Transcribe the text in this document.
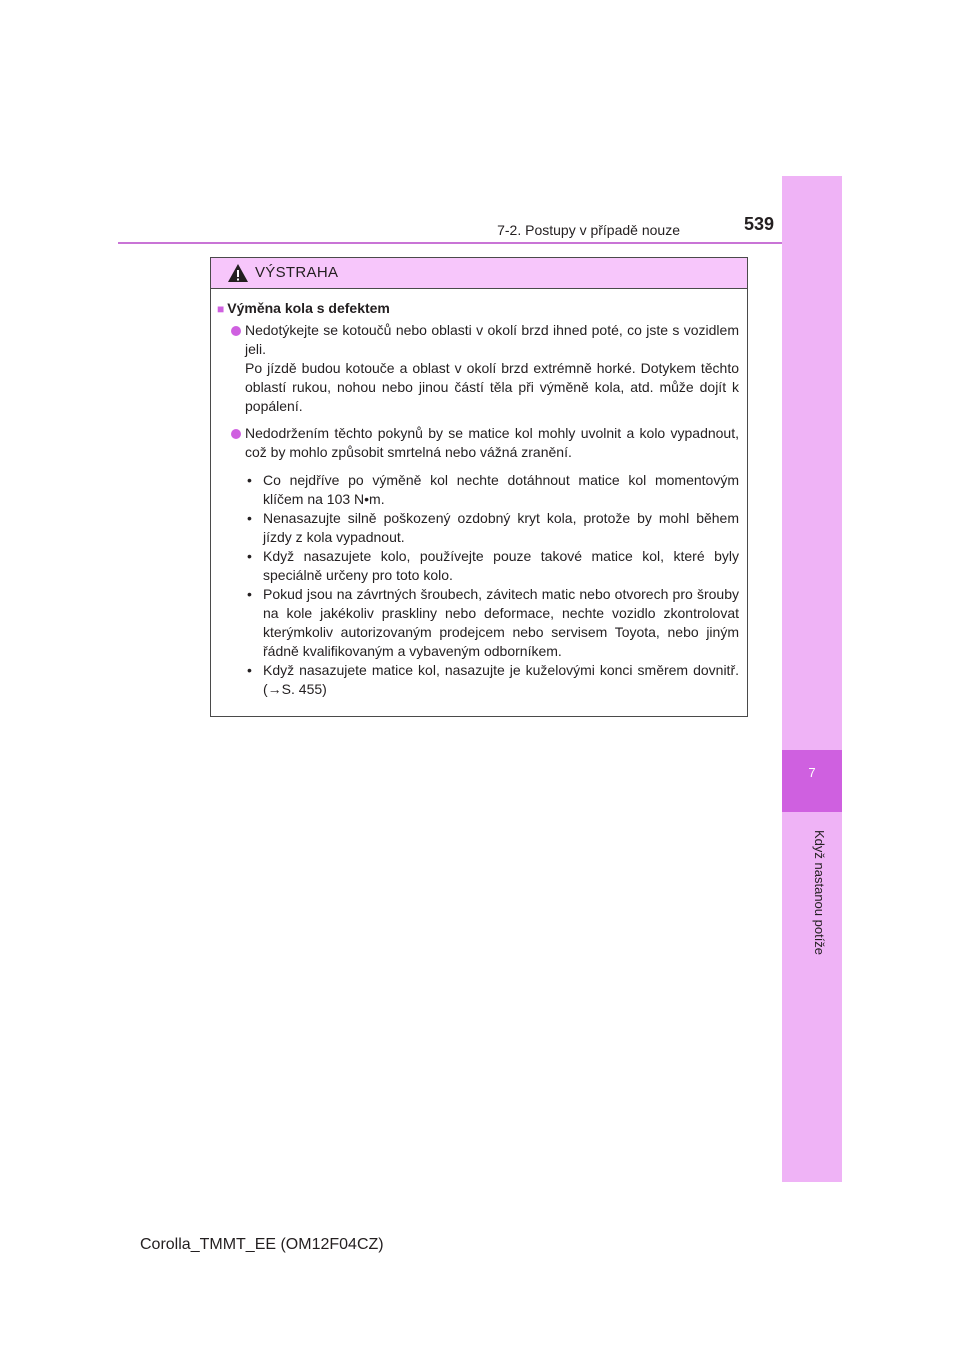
7-2. Postupy v případě nouze	539
7
Když nastanou potíže
VÝSTRAHA
■ Výměna kola s defektem

Nedotýkejte se kotoučů nebo oblasti v okolí brzd ihned poté, co jste s vozidlem jeli.

Po jízdě budou kotouče a oblast v okolí brzd extrémně horké. Dotykem těchto oblastí rukou, nohou nebo jinou částí těla při výměně kola, atd. může dojít k popálení.

Nedodržením těchto pokynů by se matice kol mohly uvolnit a kolo vypadnout, což by mohlo způsobit smrtelná nebo vážná zranění.

• Co nejdříve po výměně kol nechte dotáhnout matice kol momentovým klíčem na 103 N•m.
• Nenasazujte silně poškozený ozdobný kryt kola, protože by mohl během jízdy z kola vypadnout.
• Když nasazujete kolo, používejte pouze takové matice kol, které byly speciálně určeny pro toto kolo.
• Pokud jsou na závrtných šroubech, závitech matic nebo otvorech pro šrouby na kole jakékoliv praskliny nebo deformace, nechte vozidlo zkontrolovat kterýmkoliv autorizovaným prodejcem nebo servisem Toyota, nebo jiným řádně kvalifikovaným a vybaveným odborníkem.
• Když nasazujete matice kol, nasazujte je kuželovými konci směrem dovnitř. (→S. 455)
Corolla_TMMT_EE (OM12F04CZ)
